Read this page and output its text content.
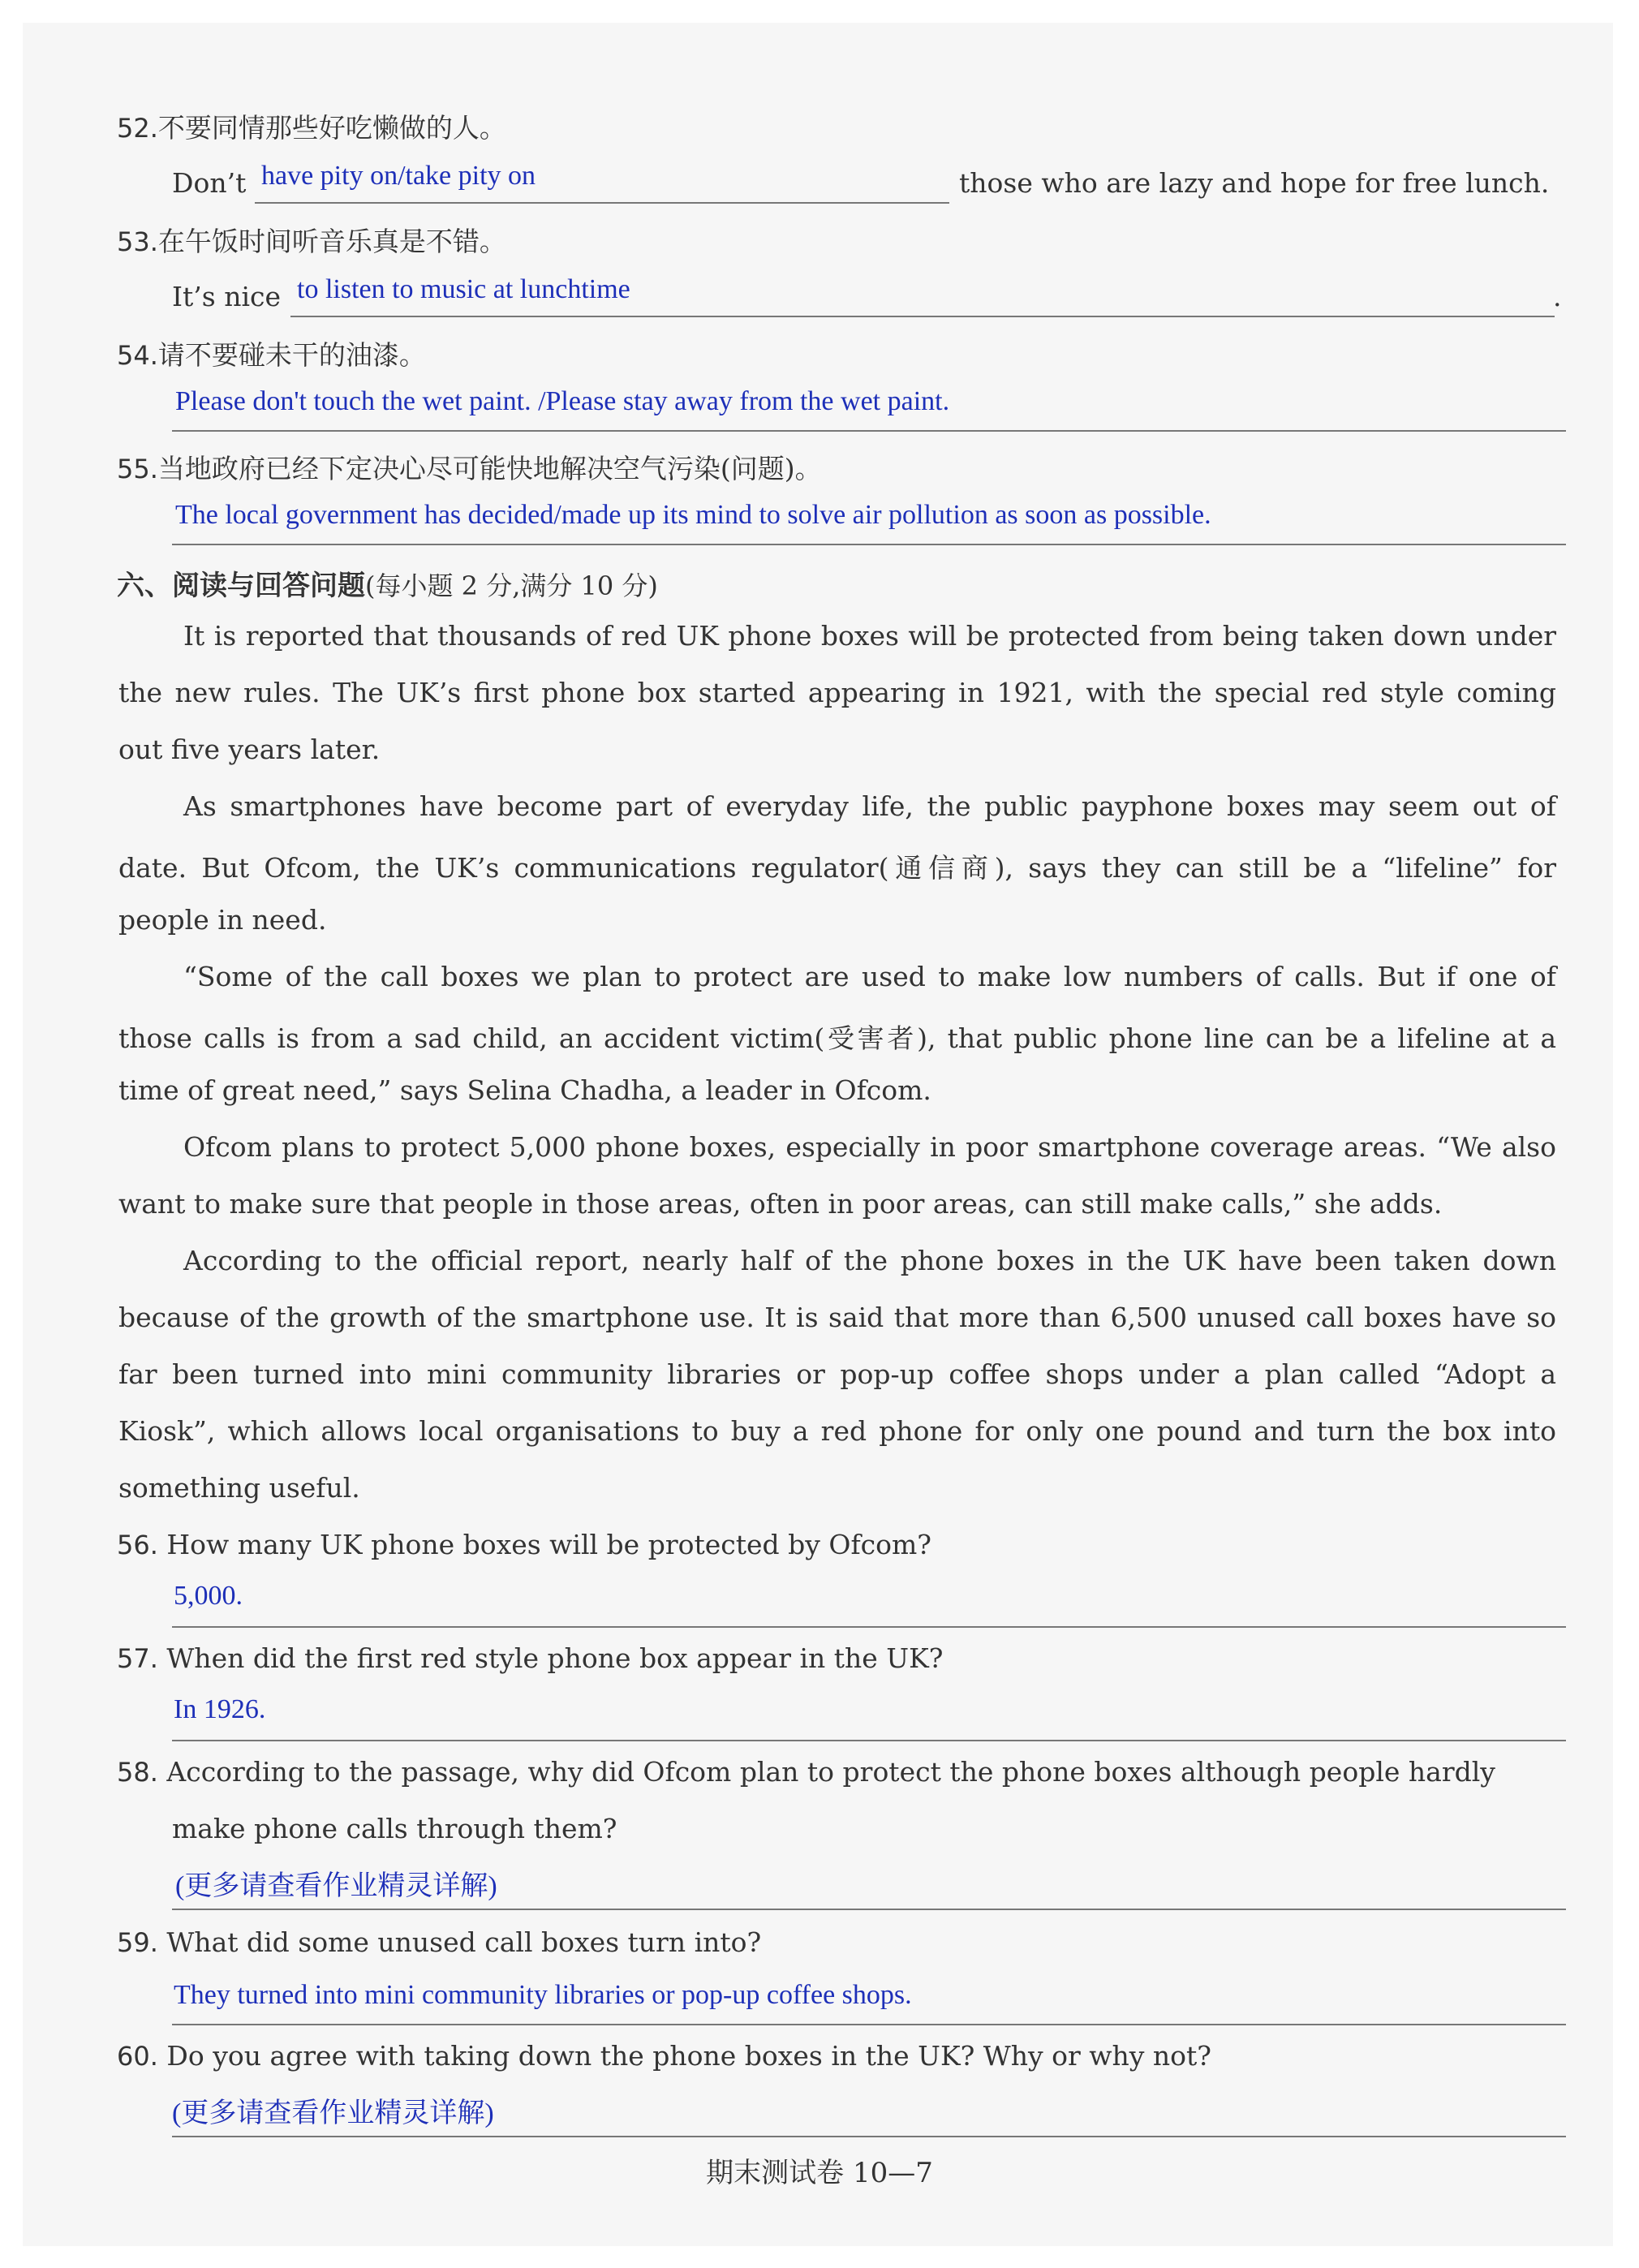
52.不要同情那些好吃懒做的人。
Don’t have pity on/take pity on	those who are lazy and hope for free lunch.
53.在午饭时间听音乐真是不错。
It’s nice to listen to music at lunchtime	.
54.请不要碰未干的油漆。
Please don't touch the wet paint. /Please stay away from the wet paint.
55.当地政府已经下定决心尽可能快地解决空气污染(问题)。
The local government has decided/made up its mind to solve air pollution as soon as possible.
六、阅读与回答问题(每小题 2 分,满分 10 分)
It is reported that thousands of red UK phone boxes will be protected from being taken down under
the new rules. The UK’s first phone box started appearing in 1921, with the special red style coming
out five years later.
As smartphones have become part of everyday life, the public payphone boxes may seem out of
date. But Ofcom, the UK’s communications regulator(通信商), says they can still be a “lifeline” for
people in need.
“Some of the call boxes we plan to protect are used to make low numbers of calls. But if one of
those calls is from a sad child, an accident victim(受害者), that public phone line can be a lifeline at a
time of great need,” says Selina Chadha, a leader in Ofcom.
Ofcom plans to protect 5,000 phone boxes, especially in poor smartphone coverage areas. “We also
want to make sure that people in those areas, often in poor areas, can still make calls,” she adds.
According to the official report, nearly half of the phone boxes in the UK have been taken down
because of the growth of the smartphone use. It is said that more than 6,500 unused call boxes have so
far been turned into mini community libraries or pop-up coffee shops under a plan called “Adopt a
Kiosk”, which allows local organisations to buy a red phone for only one pound and turn the box into
something useful.
56. How many UK phone boxes will be protected by Ofcom?
5,000.
57. When did the first red style phone box appear in the UK?
In 1926.
58. According to the passage, why did Ofcom plan to protect the phone boxes although people hardly
make phone calls through them?
(更多请查看作业精灵详解)
59. What did some unused call boxes turn into?
They turned into mini community libraries or pop-up coffee shops.
60. Do you agree with taking down the phone boxes in the UK? Why or why not?
(更多请查看作业精灵详解)
期末测试卷 10—7
